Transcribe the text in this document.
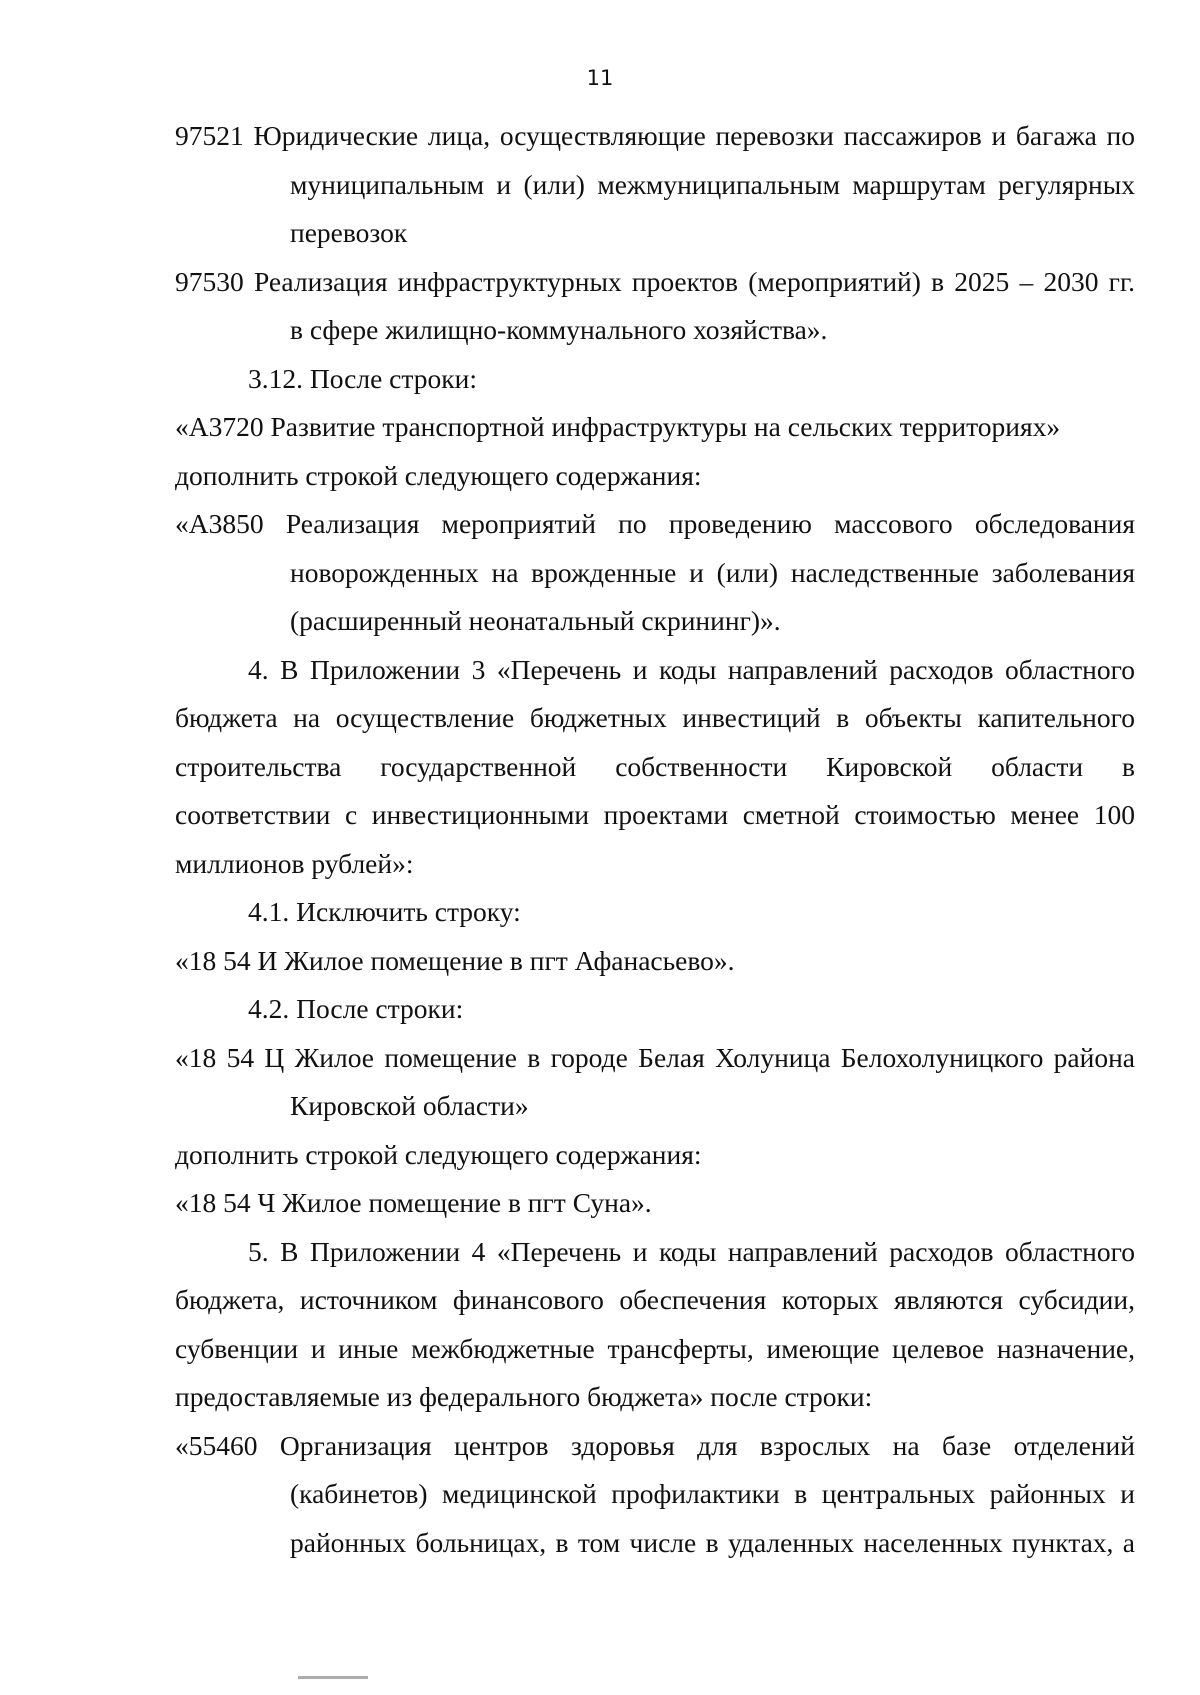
11
97521 Юридические лица, осуществляющие перевозки пассажиров и багажа по
муниципальным и (или) межмуниципальным маршрутам регулярных
перевозок
97530 Реализация инфраструктурных проектов (мероприятий) в 2025 – 2030 гг.
в сфере жилищно-коммунального хозяйства».
3.12. После строки:
«А3720 Развитие транспортной инфраструктуры на сельских территориях»
дополнить строкой следующего содержания:
«А3850 Реализация мероприятий по проведению массового обследования
новорожденных на врожденные и (или) наследственные заболевания
(расширенный неонатальный скрининг)».
4. В Приложении 3 «Перечень и коды направлений расходов областного
бюджета на осуществление бюджетных инвестиций в объекты капительного
строительства государственной собственности Кировской области в
соответствии с инвестиционными проектами сметной стоимостью менее 100
миллионов рублей»:
4.1. Исключить строку:
«18 54 И Жилое помещение в пгт Афанасьево».
4.2. После строки:
«18 54 Ц Жилое помещение в городе Белая Холуница Белохолуницкого района
Кировской области»
дополнить строкой следующего содержания:
«18 54 Ч Жилое помещение в пгт Суна».
5. В Приложении 4 «Перечень и коды направлений расходов областного
бюджета, источником финансового обеспечения которых являются субсидии,
субвенции и иные межбюджетные трансферты, имеющие целевое назначение,
предоставляемые из федерального бюджета» после строки:
«55460 Организация центров здоровья для взрослых на базе отделений
(кабинетов) медицинской профилактики в центральных районных и
районных больницах, в том числе в удаленных населенных пунктах, а
